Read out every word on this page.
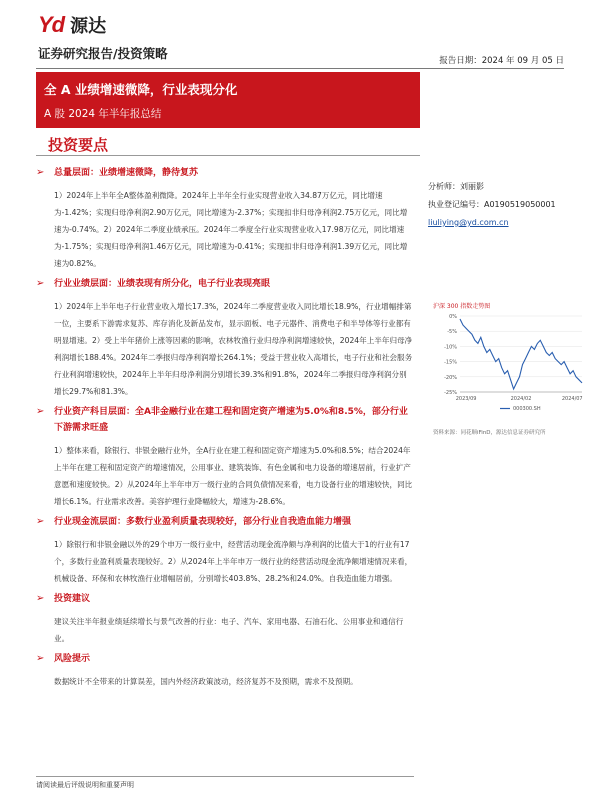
Yd 源达
证券研究报告/投资策略	报告日期：2024 年 09 月 05 日
全 A 业绩增速微降，行业表现分化
A 股 2024 年半年报总结
投资要点
➢	总量层面：业绩增速微降，静待复苏
1）2024年上半年全A整体盈利微降。2024年上半年全行业实现营业收入34.87万亿元，同比增速为-1.42%；实现归母净利润2.90万亿元，同比增速为-2.37%；实现扣非归母净利润2.75万亿元，同比增速为-0.74%。2）2024年二季度业绩承压。2024年二季度全行业实现营业收入17.98万亿元，同比增速为-1.75%；实现归母净利润1.46万亿元，同比增速为-0.41%；实现扣非归母净利润1.39万亿元，同比增速为0.82%。
➢	行业业绩层面：业绩表现有所分化，电子行业表现亮眼
1）2024年上半年电子行业营业收入增长17.3%，2024年二季度营业收入同比增长18.9%，行业增幅排第一位，主要系下游需求复苏、库存消化及新品发布，显示面板、电子元器件、消费电子和半导体等行业都有明显增速。2）受上半年猪价上涨等因素的影响，农林牧渔行业归母净利润增速较快，2024年上半年归母净利润增长188.4%。2024年二季报归母净利润增长264.1%；受益于营业收入高增长，电子行业和社会服务行业利润增速较快，2024年上半年归母净利润分别增长39.3%和91.8%，2024年二季报归母净利润分别增长29.7%和81.3%。
➢	行业资产科目层面：全A非金融行业在建工程和固定资产增速为5.0%和8.5%，部分行业下游需求旺盛
1）整体来看，除银行、非银金融行业外，全A行业在建工程和固定资产增速为5.0%和8.5%；结合2024年上半年在建工程和固定资产的增速情况，公用事业、建筑装饰、有色金属和电力设备的增速居前，行业扩产意愿和速度较快。2）从2024年上半年申万一级行业的合同负债情况来看，电力设备行业的增速较快，同比增长6.1%。行业需求改善。美容护理行业降幅较大，增速为-28.6%。
➢	行业现金流层面：多数行业盈利质量表现较好，部分行业自我造血能力增强
1）除银行和非银金融以外的29个申万一级行业中，经营活动现金流净额与净利润的比值大于1的行业有17个，多数行业盈利质量表现较好。2）从2024年上半年申万一级行业的经营活动现金流净额增速情况来看，机械设备、环保和农林牧渔行业增幅居前，分别增长403.8%、28.2%和24.0%。自我造血能力增强。
➢	投资建议
建议关注半年报业绩延续增长与景气改善的行业：电子、汽车、家用电器、石油石化、公用事业和通信行业。
➢	风险提示
数据统计不全带来的计算误差，国内外经济政策波动，经济复苏不及预期，需求不及预期。
分析师：刘丽影
执业登记编号：A0190519050001
liuliying@yd.com.cn
沪深 300 指数走势图
0%
-5%
-10%
-15%
-20%
-25%
2023/09	2024/02	2024/07
000300.SH
资料来源：同花顺iFinD，源达信息证券研究所
请阅读最后评级说明和重要声明
